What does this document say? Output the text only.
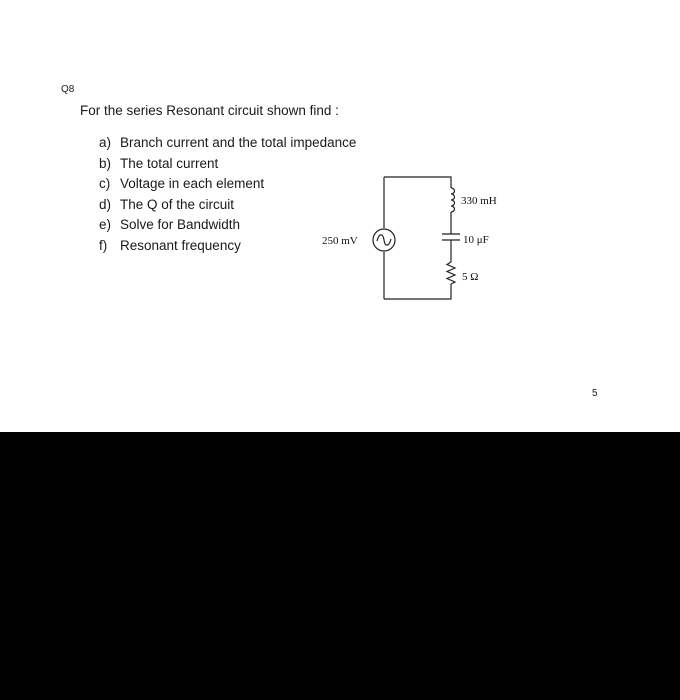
Q8
For the series Resonant circuit shown find :
a) Branch current and the total impedance
b) The total current
c) Voltage in each element
d) The Q of the circuit
e) Solve for Bandwidth
f) Resonant frequency	250 mV
330 mH
10 μF
5 Ω
5
